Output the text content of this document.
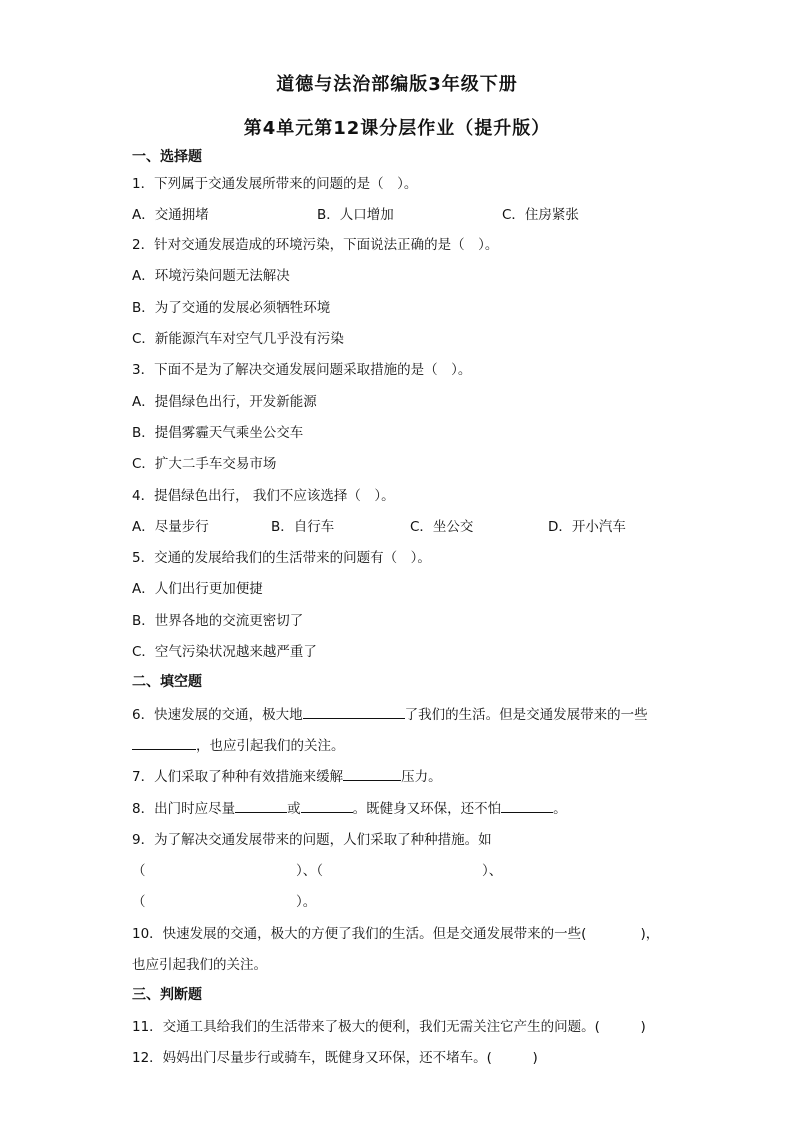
道德与法治部编版3年级下册
第4单元第12课分层作业（提升版）
一、选择题
1．下列属于交通发展所带来的问题的是（　）。
A．交通拥堵	B．人口增加	C．住房紧张
2．针对交通发展造成的环境污染，下面说法正确的是（　）。
A．环境污染问题无法解决
B．为了交通的发展必须牺牲环境
C．新能源汽车对空气几乎没有污染
3．下面不是为了解决交通发展问题采取措施的是（　）。
A．提倡绿色出行，开发新能源
B．提倡雾霾天气乘坐公交车
C．扩大二手车交易市场
4．提倡绿色出行， 我们不应该选择（　）。
A．尽量步行	B．自行车	C．坐公交	D．开小汽车
5．交通的发展给我们的生活带来的问题有（　）。
A．人们出行更加便捷
B．世界各地的交流更密切了
C．空气污染状况越来越严重了
二、填空题
6．快速发展的交通，极大地	了我们的生活。但是交通发展带来的一些
，也应引起我们的关注。
7．人们采取了种种有效措施来缓解	压力。
8．出门时应尽量	或	。既健身又环保，还不怕	。
9．为了解决交通发展带来的问题，人们采取了种种措施。如
（	）、（	）、
（	）。
10．快速发展的交通，极大的方便了我们的生活。但是交通发展带来的一些(　　　　)，
也应引起我们的关注。
三、判断题
11．交通工具给我们的生活带来了极大的便利，我们无需关注它产生的问题。(　　　)
12．妈妈出门尽量步行或骑车，既健身又环保，还不堵车。(　　　)
